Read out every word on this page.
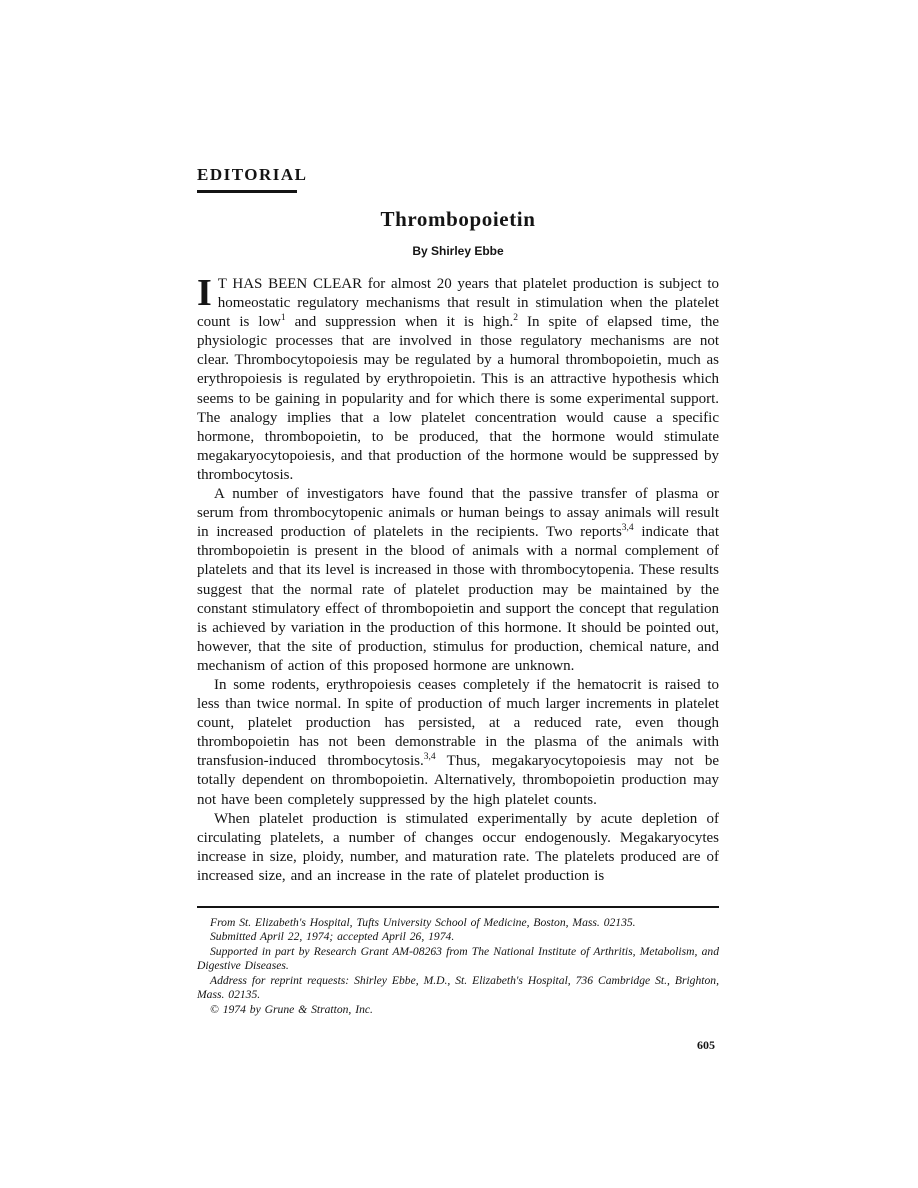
EDITORIAL
Thrombopoietin
By Shirley Ebbe

I T HAS BEEN CLEAR for almost 20 years that platelet production is subject to homeostatic regulatory mechanisms that result in stimulation when the platelet count is low$^1$ and suppression when it is high.$^2$ In spite of elapsed time, the physiologic processes that are involved in those regulatory mechanisms are not clear. Thrombocytopoiesis may be regulated by a humoral thrombopoietin, much as erythropoiesis is regulated by erythropoietin. This is an attractive hypothesis which seems to be gaining in popularity and for which there is some experimental support. The analogy implies that a low platelet concentration would cause a specific hormone, thrombopoietin, to be produced, that the hormone would stimulate megakaryocytopoiesis, and that production of the hormone would be suppressed by thrombocytosis.

A number of investigators have found that the passive transfer of plasma or serum from thrombocytopenic animals or human beings to assay animals will result in increased production of platelets in the recipients. Two reports$^{3,4}$ indicate that thrombopoietin is present in the blood of animals with a normal complement of platelets and that its level is increased in those with thrombocytopenia. These results suggest that the normal rate of platelet production may be maintained by the constant stimulatory effect of thrombopoietin and support the concept that regulation is achieved by variation in the production of this hormone. It should be pointed out, however, that the site of production, stimulus for production, chemical nature, and mechanism of action of this proposed hormone are unknown.

In some rodents, erythropoiesis ceases completely if the hematocrit is raised to less than twice normal. In spite of production of much larger increments in platelet count, platelet production has persisted, at a reduced rate, even though thrombopoietin has not been demonstrable in the plasma of the animals with transfusion-induced thrombocytosis.$^{3,4}$ Thus, megakaryocytopoiesis may not be totally dependent on thrombopoietin. Alternatively, thrombopoietin production may not have been completely suppressed by the high platelet counts.

When platelet production is stimulated experimentally by acute depletion of circulating platelets, a number of changes occur endogenously. Megakaryocytes increase in size, ploidy, number, and maturation rate. The platelets produced are of increased size, and an increase in the rate of platelet production is

From St. Elizabeth's Hospital, Tufts University School of Medicine, Boston, Mass. 02135.

Submitted April 22, 1974; accepted April 26, 1974.

Supported in part by Research Grant AM-08263 from The National Institute of Arthritis, Metabolism, and Digestive Diseases.

Address for reprint requests: Shirley Ebbe, M.D., St. Elizabeth's Hospital, 736 Cambridge St., Brighton, Mass. 02135.

© 1974 by Grune & Stratton, Inc.

605
